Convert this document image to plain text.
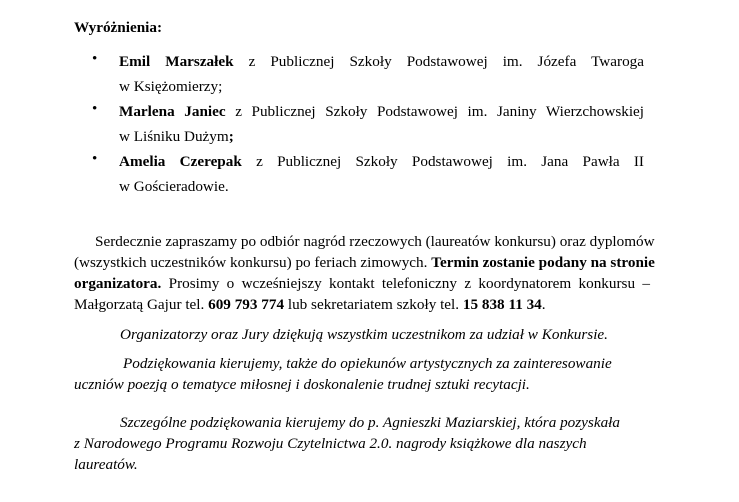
Wyróżnienia:
• Emil Marszałek z Publicznej Szkoły Podstawowej im. Józefa Twaroga
w Księżomierzy;
• Marlena Janiec z Publicznej Szkoły Podstawowej im. Janiny Wierzchowskiej
w Liśniku Dużym;
• Amelia Czerepak z Publicznej Szkoły Podstawowej im. Jana Pawła II
w Gościeradowie.
Serdecznie zapraszamy po odbiór nagród rzeczowych (laureatów konkursu) oraz dyplomów
(wszystkich uczestników konkursu) po feriach zimowych. Termin zostanie podany na stronie
organizatora. Prosimy o wcześniejszy kontakt telefoniczny z koordynatorem konkursu –
Małgorzatą Gajur tel. 609 793 774 lub sekretariatem szkoły tel. 15 838 11 34.
Organizatorzy oraz Jury dziękują wszystkim uczestnikom za udział w Konkursie.
Podziękowania kierujemy, także do opiekunów artystycznych za zainteresowanie
uczniów poezją o tematyce miłosnej i doskonalenie trudnej sztuki recytacji.
Szczególne podziękowania kierujemy do p. Agnieszki Maziarskiej, która pozyskała
z Narodowego Programu Rozwoju Czytelnictwa 2.0. nagrody książkowe dla naszych
laureatów.
